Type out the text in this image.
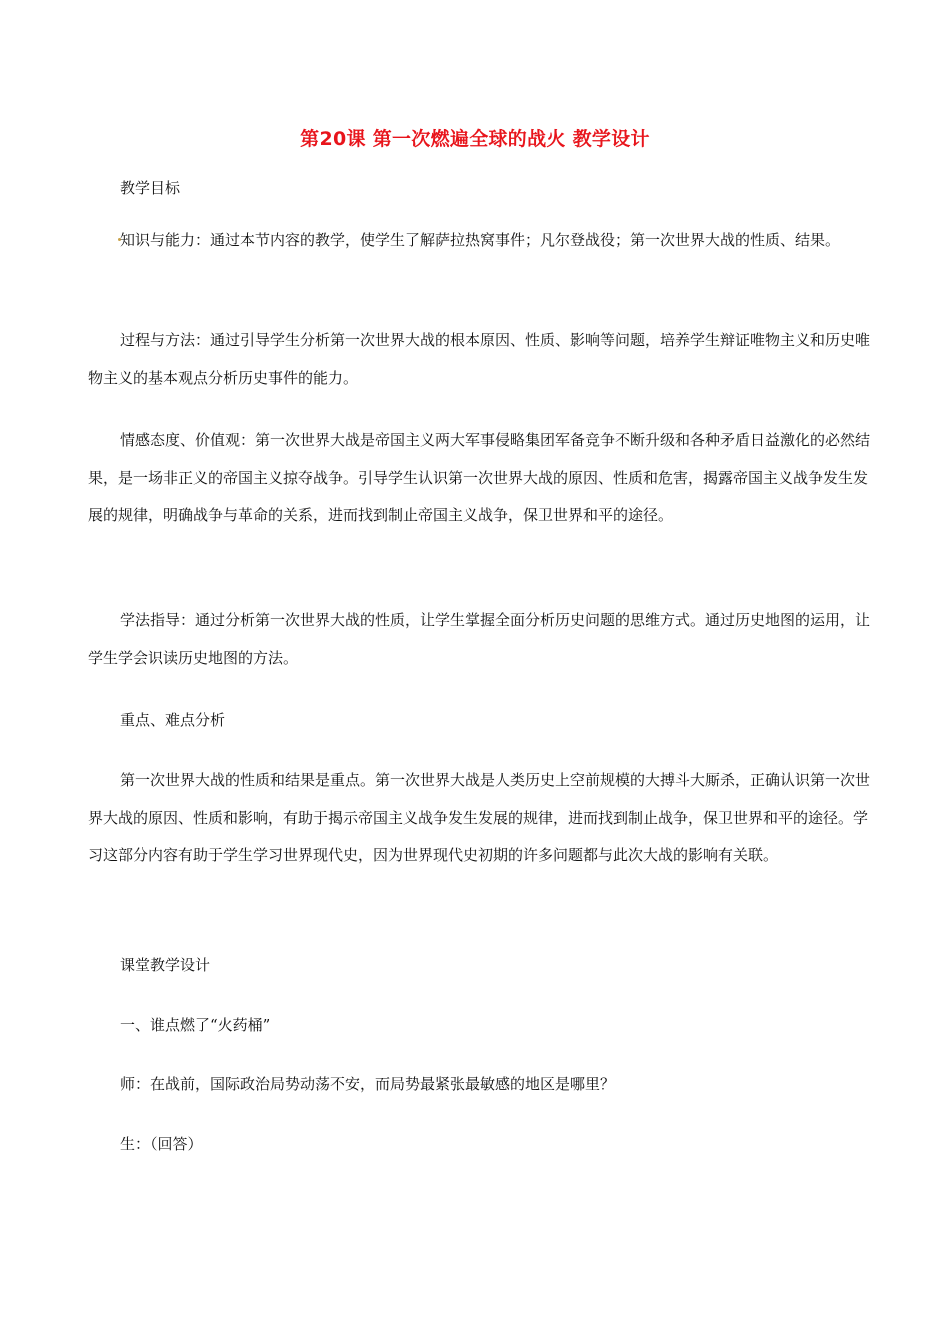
第20课 第一次燃遍全球的战火 教学设计

教学目标

知识与能力：通过本节内容的教学，使学生了解萨拉热窝事件；凡尔登战役；第一次世界大战的性质、结果。

过程与方法：通过引导学生分析第一次世界大战的根本原因、性质、影响等问题，培养学生辩证唯物主义和历史唯物主义的基本观点分析历史事件的能力。

情感态度、价值观：第一次世界大战是帝国主义两大军事侵略集团军备竞争不断升级和各种矛盾日益激化的必然结果，是一场非正义的帝国主义掠夺战争。引导学生认识第一次世界大战的原因、性质和危害，揭露帝国主义战争发生发展的规律，明确战争与革命的关系，进而找到制止帝国主义战争，保卫世界和平的途径。

学法指导：通过分析第一次世界大战的性质，让学生掌握全面分析历史问题的思维方式。通过历史地图的运用，让学生学会识读历史地图的方法。

重点、难点分析

第一次世界大战的性质和结果是重点。第一次世界大战是人类历史上空前规模的大搏斗大厮杀，正确认识第一次世界大战的原因、性质和影响，有助于揭示帝国主义战争发生发展的规律，进而找到制止战争，保卫世界和平的途径。学习这部分内容有助于学生学习世界现代史，因为世界现代史初期的许多问题都与此次大战的影响有关联。

课堂教学设计

一、谁点燃了“火药桶”

师：在战前，国际政治局势动荡不安，而局势最紧张最敏感的地区是哪里？

生：（回答）
